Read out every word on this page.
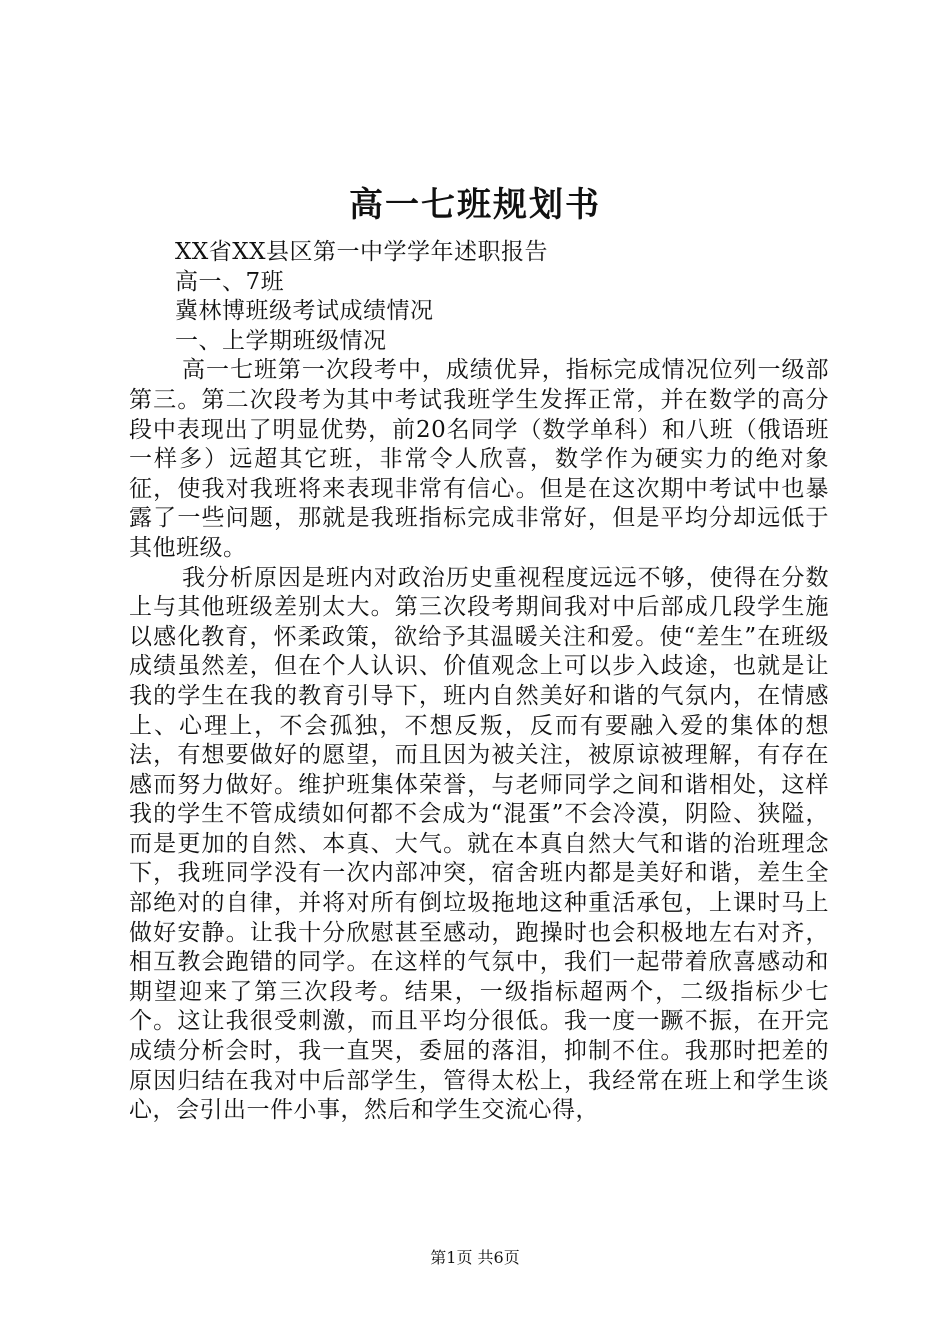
高一七班规划书

XX省XX县区第一中学学年述职报告

高一、7班

冀林博班级考试成绩情况

一、上学期班级情况

高一七班第一次段考中，成绩优异，指标完成情况位列一级部第三。第二次段考为其中考试我班学生发挥正常，并在数学的高分段中表现出了明显优势，前20名同学（数学单科）和八班（俄语班一样多）远超其它班，非常令人欣喜，数学作为硬实力的绝对象征，使我对我班将来表现非常有信心。但是在这次期中考试中也暴露了一些问题，那就是我班指标完成非常好，但是平均分却远低于其他班级。

我分析原因是班内对政治历史重视程度远远不够，使得在分数上与其他班级差别太大。第三次段考期间我对中后部成几段学生施以感化教育，怀柔政策，欲给予其温暖关注和爱。使“差生”在班级成绩虽然差，但在个人认识、价值观念上可以步入歧途，也就是让我的学生在我的教育引导下，班内自然美好和谐的气氛内，在情感上、心理上，不会孤独，不想反叛，反而有要融入爱的集体的想法，有想要做好的愿望，而且因为被关注，被原谅被理解，有存在感而努力做好。维护班集体荣誉，与老师同学之间和谐相处，这样我的学生不管成绩如何都不会成为“混蛋”不会冷漠，阴险、狭隘，而是更加的自然、本真、大气。就在本真自然大气和谐的治班理念下，我班同学没有一次内部冲突，宿舍班内都是美好和谐，差生全部绝对的自律，并将对所有倒垃圾拖地这种重活承包，上课时马上做好安静。让我十分欣慰甚至感动，跑操时也会积极地左右对齐，相互教会跑错的同学。在这样的气氛中，我们一起带着欣喜感动和期望迎来了第三次段考。结果，一级指标超两个，二级指标少七个。这让我很受刺激，而且平均分很低。我一度一蹶不振，在开完成绩分析会时，我一直哭，委屈的落泪，抑制不住。我那时把差的原因归结在我对中后部学生，管得太松上，我经常在班上和学生谈心，会引出一件小事，然后和学生交流心得，

第1页 共6页
